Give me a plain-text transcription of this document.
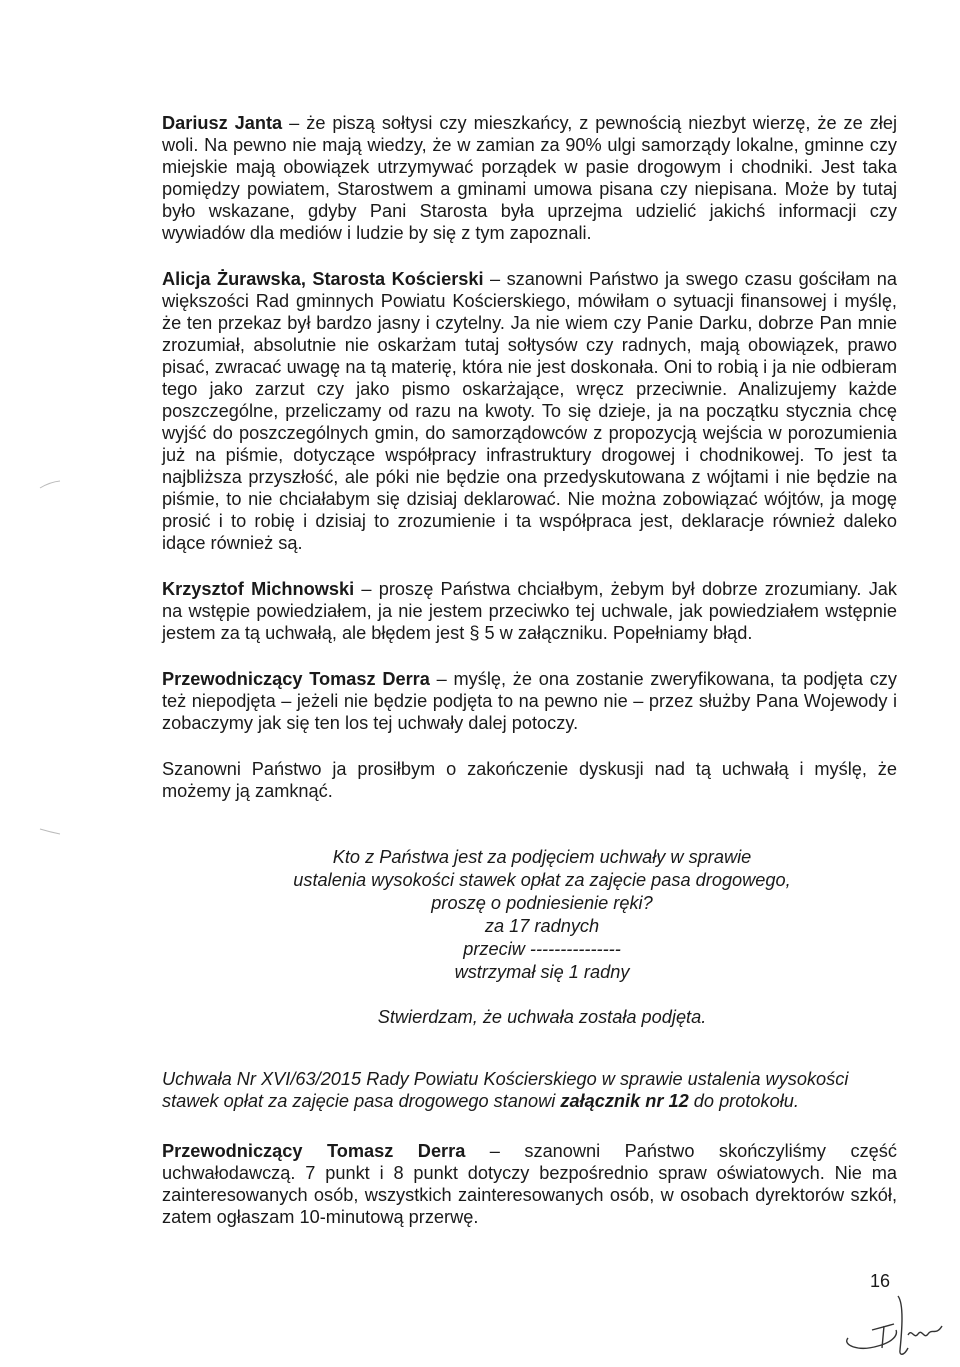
Dariusz Janta – że piszą sołtysi czy mieszkańcy, z pewnością niezbyt wierzę, że ze złej woli. Na pewno nie mają wiedzy, że w zamian za 90% ulgi samorządy lokalne, gminne czy miejskie mają obowiązek utrzymywać porządek w pasie drogowym i chodniki. Jest taka pomiędzy powiatem, Starostwem a gminami umowa pisana czy niepisana. Może by tutaj było wskazane, gdyby Pani Starosta była uprzejma udzielić jakichś informacji czy wywiadów dla mediów i ludzie by się z tym zapoznali.

Alicja Żurawska, Starosta Kościerski – szanowni Państwo ja swego czasu gościłam na większości Rad gminnych Powiatu Kościerskiego, mówiłam o sytuacji finansowej i myślę, że ten przekaz był bardzo jasny i czytelny. Ja nie wiem czy Panie Darku, dobrze Pan mnie zrozumiał, absolutnie nie oskarżam tutaj sołtysów czy radnych, mają obowiązek, prawo pisać, zwracać uwagę na tą materię, która nie jest doskonała. Oni to robią i ja nie odbieram tego jako zarzut czy jako pismo oskarżające, wręcz przeciwnie. Analizujemy każde poszczególne, przeliczamy od razu na kwoty. To się dzieje, ja na początku stycznia chcę wyjść do poszczególnych gmin, do samorządowców z propozycją wejścia w porozumienia już na piśmie, dotyczące współpracy infrastruktury drogowej i chodnikowej. To jest ta najbliższa przyszłość, ale póki nie będzie ona przedyskutowana z wójtami i nie będzie na piśmie, to nie chciałabym się dzisiaj deklarować. Nie można zobowiązać wójtów, ja mogę prosić i to robię i dzisiaj to zrozumienie i ta współpraca jest, deklaracje również daleko idące również są.

Krzysztof Michnowski – proszę Państwa chciałbym, żebym był dobrze zrozumiany. Jak na wstępie powiedziałem, ja nie jestem przeciwko tej uchwale, jak powiedziałem wstępnie jestem za tą uchwałą, ale błędem jest § 5 w załączniku. Popełniamy błąd.

Przewodniczący Tomasz Derra – myślę, że ona zostanie zweryfikowana, ta podjęta czy też niepodjęta – jeżeli nie będzie podjęta to na pewno nie – przez służby Pana Wojewody i zobaczymy jak się ten los tej uchwały dalej potoczy.

Szanowni Państwo ja prosiłbym o zakończenie dyskusji nad tą uchwałą i myślę, że możemy ją zamknąć.

Kto z Państwa jest za podjęciem uchwały w sprawie
ustalenia wysokości stawek opłat za zajęcie pasa drogowego,
proszę o podniesienie ręki?
za 17 radnych
przeciw ---------------
wstrzymał się 1 radny
Stwierdzam, że uchwała została podjęta.

Uchwała Nr XVI/63/2015 Rady Powiatu Kościerskiego w sprawie ustalenia wysokości stawek opłat za zajęcie pasa drogowego stanowi załącznik nr 12 do protokołu.

Przewodniczący Tomasz Derra – szanowni Państwo skończyliśmy część uchwałodawczą. 7 punkt i 8 punkt dotyczy bezpośrednio spraw oświatowych. Nie ma zainteresowanych osób, wszystkich zainteresowanych osób, w osobach dyrektorów szkół, zatem ogłaszam 10-minutową przerwę.

16
